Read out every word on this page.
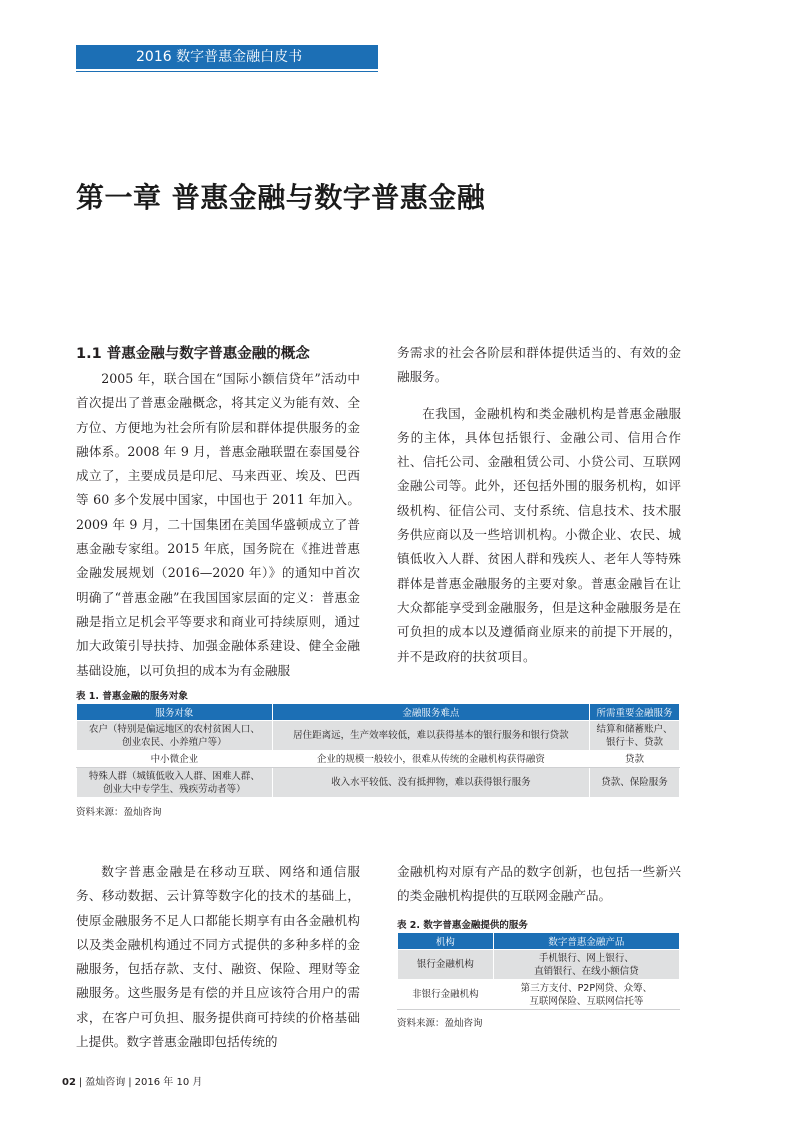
2016 数字普惠金融白皮书
第一章 普惠金融与数字普惠金融
1.1 普惠金融与数字普惠金融的概念

2005 年，联合国在“国际小额信贷年”活动中首次提出了普惠金融概念，将其定义为能有效、全方位、方便地为社会所有阶层和群体提供服务的金融体系。2008 年 9 月，普惠金融联盟在泰国曼谷成立了，主要成员是印尼、马来西亚、埃及、巴西等 60 多个发展中国家，中国也于 2011 年加入。2009 年 9 月，二十国集团在美国华盛顿成立了普惠金融专家组。2015 年底，国务院在《推进普惠金融发展规划（2016—2020 年）》的通知中首次明确了“普惠金融”在我国国家层面的定义：普惠金融是指立足机会平等要求和商业可持续原则，通过加大政策引导扶持、加强金融体系建设、健全金融基础设施，以可负担的成本为有金融服

务需求的社会各阶层和群体提供适当的、有效的金融服务。

在我国，金融机构和类金融机构是普惠金融服务的主体，具体包括银行、金融公司、信用合作社、信托公司、金融租赁公司、小贷公司、互联网金融公司等。此外，还包括外围的服务机构，如评级机构、征信公司、支付系统、信息技术、技术服务供应商以及一些培训机构。小微企业、农民、城镇低收入人群、贫困人群和残疾人、老年人等特殊群体是普惠金融服务的主要对象。普惠金融旨在让大众都能享受到金融服务，但是这种金融服务是在可负担的成本以及遵循商业原来的前提下开展的，并不是政府的扶贫项目。

表 1. 普惠金融的服务对象
服务对象	金融服务难点	所需重要金融服务
农户（特别是偏远地区的农村贫困人口、
创业农民、小养殖户等）	居住距离远，生产效率较低，难以获得基本的银行服务和银行贷款	结算和储蓄账户、
银行卡、贷款
中小微企业	企业的规模一般较小，很难从传统的金融机构获得融资	贷款
特殊人群（城镇低收入人群、困难人群、
创业大中专学生、残疾劳动者等）	收入水平较低、没有抵押物，难以获得银行服务	贷款、保险服务
资料来源：盈灿咨询

数字普惠金融是在移动互联、网络和通信服务、移动数据、云计算等数字化的技术的基础上，使原金融服务不足人口都能长期享有由各金融机构以及类金融机构通过不同方式提供的多种多样的金融服务，包括存款、支付、融资、保险、理财等金融服务。这些服务是有偿的并且应该符合用户的需求，在客户可负担、服务提供商可持续的价格基础上提供。数字普惠金融即包括传统的

金融机构对原有产品的数字创新，也包括一些新兴的类金融机构提供的互联网金融产品。

表 2. 数字普惠金融提供的服务
机构	数字普惠金融产品
银行金融机构	手机银行、网上银行、
直销银行、在线小额信贷
非银行金融机构	第三方支付、P2P网贷、众筹、
互联网保险、互联网信托等
资料来源：盈灿咨询
02 | 盈灿咨询 | 2016 年 10 月
